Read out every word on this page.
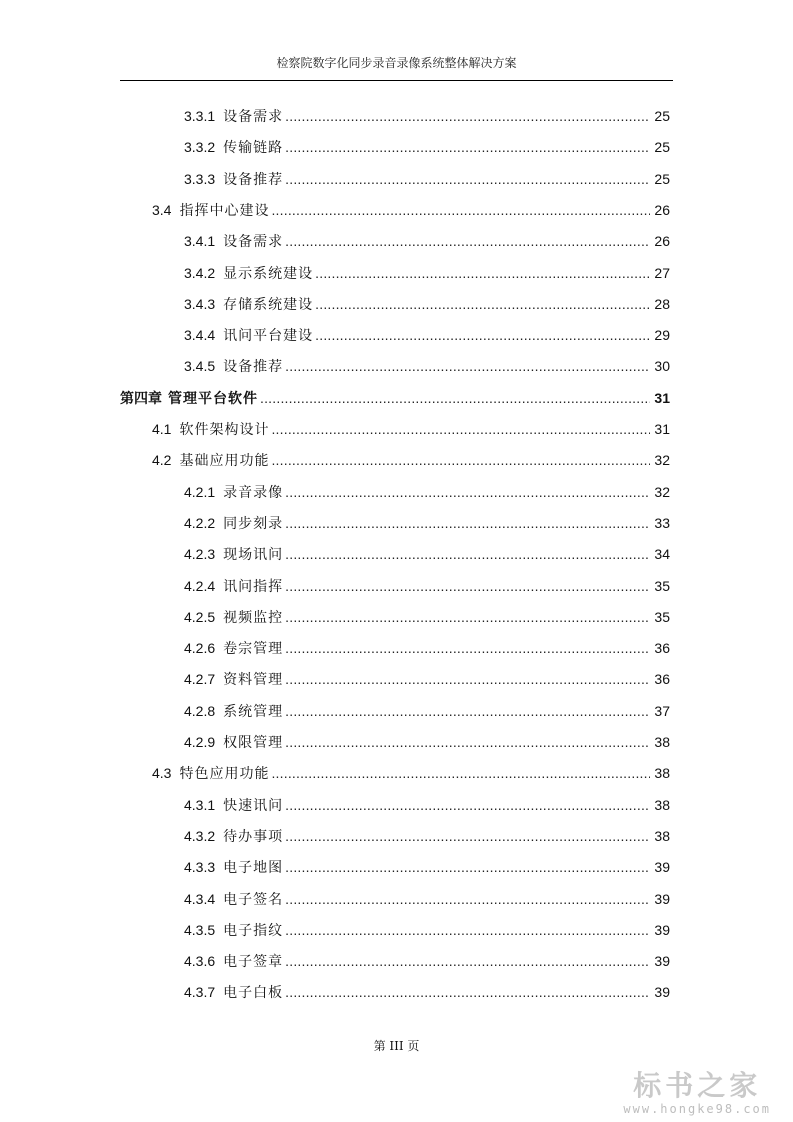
检察院数字化同步录音录像系统整体解决方案
3.3.1 设备需求 .....	25
3.3.2 传输链路 .....	25
3.3.3 设备推荐 .....	25
3.4 指挥中心建设 .....	26
3.4.1 设备需求 .....	26
3.4.2 显示系统建设 .....	27
3.4.3 存储系统建设 .....	28
3.4.4 讯问平台建设 .....	29
3.4.5 设备推荐 .....	30
第四章 管理平台软件 .....	31
4.1 软件架构设计 .....	31
4.2 基础应用功能 .....	32
4.2.1 录音录像 .....	32
4.2.2 同步刻录 .....	33
4.2.3 现场讯问 .....	34
4.2.4 讯问指挥 .....	35
4.2.5 视频监控 .....	35
4.2.6 卷宗管理 .....	36
4.2.7 资料管理 .....	36
4.2.8 系统管理 .....	37
4.2.9 权限管理 .....	38
4.3 特色应用功能 .....	38
4.3.1 快速讯问 .....	38
4.3.2 待办事项 .....	38
4.3.3 电子地图 .....	39
4.3.4 电子签名 .....	39
4.3.5 电子指纹 .....	39
4.3.6 电子签章 .....	39
4.3.7 电子白板 .....	39
第 III 页
标书之家
www.hongke98.com
